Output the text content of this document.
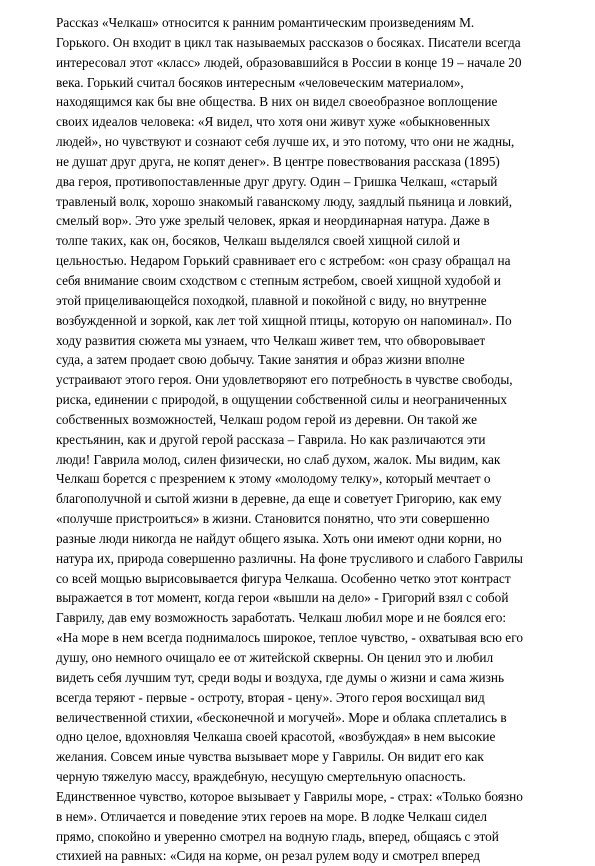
Рассказ «Челкаш» относится к ранним романтическим произведениям М.
Горького. Он входит в цикл так называемых рассказов о босяках. Писатели всегда
интересовал этот «класс» людей, образовавшийся в России в конце 19 – начале 20
века. Горький считал босяков интересным «человеческим материалом»,
находящимся как бы вне общества. В них он видел своеобразное воплощение
своих идеалов человека: «Я видел, что хотя они живут хуже «обыкновенных
людей», но чувствуют и сознают себя лучше их, и это потому, что они не жадны,
не душат друг друга, не копят денег». В центре повествования рассказа (1895)
два героя, противопоставленные друг другу. Один – Гришка Челкаш, «старый
травленый волк, хорошо знакомый гаванскому люду, заядлый пьяница и ловкий,
смелый вор». Это уже зрелый человек, яркая и неординарная натура. Даже в
толпе таких, как он, босяков, Челкаш выделялся своей хищной силой и
цельностью. Недаром Горький сравнивает его с ястребом: «он сразу обращал на
себя внимание своим сходством с степным ястребом, своей хищной худобой и
этой прицеливающейся походкой, плавной и покойной с виду, но внутренне
возбужденной и зоркой, как лет той хищной птицы, которую он напоминал». По
ходу развития сюжета мы узнаем, что Челкаш живет тем, что обворовывает
суда, а затем продает свою добычу. Такие занятия и образ жизни вполне
устраивают этого героя. Они удовлетворяют его потребность в чувстве свободы,
риска, единении с природой, в ощущении собственной силы и неограниченных
собственных возможностей, Челкаш родом герой из деревни. Он такой же
крестьянин, как и другой герой рассказа – Гаврила. Но как различаются эти
люди! Гаврила молод, силен физически, но слаб духом, жалок. Мы видим, как
Челкаш борется с презрением к этому «молодому телку», который мечтает о
благополучной и сытой жизни в деревне, да еще и советует Григорию, как ему
«получше пристроиться» в жизни. Становится понятно, что эти совершенно
разные люди никогда не найдут общего языка. Хоть они имеют одни корни, но
натура их, природа совершенно различны. На фоне трусливого и слабого Гаврилы
со всей мощью вырисовывается фигура Челкаша. Особенно четко этот контраст
выражается в тот момент, когда герои «вышли на дело» - Григорий взял с собой
Гаврилу, дав ему возможность заработать. Челкаш любил море и не боялся его:
«На море в нем всегда поднималось широкое, теплое чувство, - охватывая всю его
душу, оно немного очищало ее от житейской скверны. Он ценил это и любил
видеть себя лучшим тут, среди воды и воздуха, где думы о жизни и сама жизнь
всегда теряют - первые - остроту, вторая - цену». Этого героя восхищал вид
величественной стихии, «бесконечной и могучей». Море и облака сплетались в
одно целое, вдохновляя Челкаша своей красотой, «возбуждая» в нем высокие
желания. Совсем иные чувства вызывает море у Гаврилы. Он видит его как
черную тяжелую массу, враждебную, несущую смертельную опасность.
Единственное чувство, которое вызывает у Гаврилы море, - страх: «Только боязно
в нем». Отличается и поведение этих героев на море. В лодке Челкаш сидел
прямо, спокойно и уверенно смотрел на водную гладь, вперед, общаясь с этой
стихией на равных: «Сидя на корме, он резал рулем воду и смотрел вперед
